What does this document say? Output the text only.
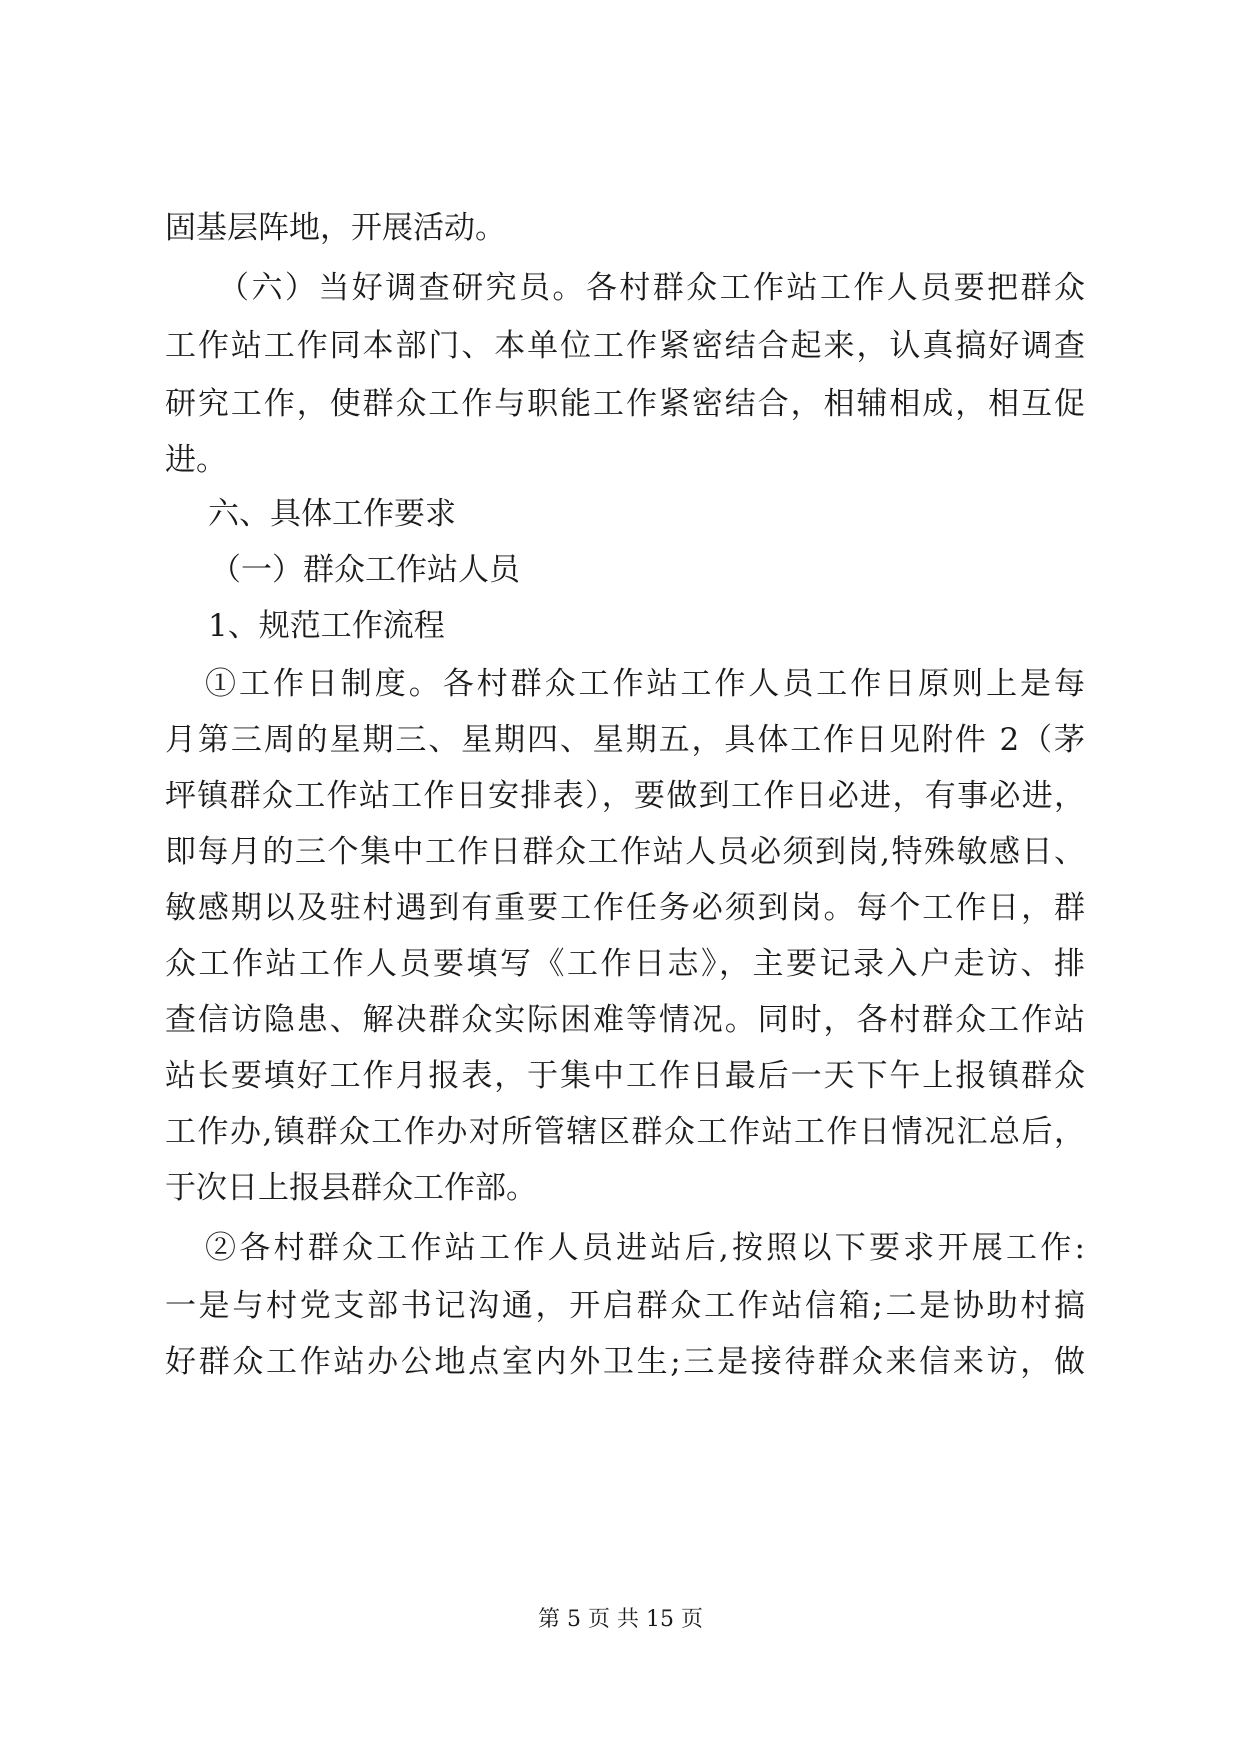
固基层阵地，开展活动。
（六）当好调查研究员。各村群众工作站工作人员要把群众
工作站工作同本部门、本单位工作紧密结合起来，认真搞好调查
研究工作，使群众工作与职能工作紧密结合，相辅相成，相互促
进。
六、具体工作要求
（一）群众工作站人员
1、规范工作流程
①工作日制度。各村群众工作站工作人员工作日原则上是每
月第三周的星期三、星期四、星期五，具体工作日见附件 2（茅
坪镇群众工作站工作日安排表），要做到工作日必进，有事必进，
即每月的三个集中工作日群众工作站人员必须到岗,特殊敏感日、
敏感期以及驻村遇到有重要工作任务必须到岗。每个工作日，群
众工作站工作人员要填写《工作日志》，主要记录入户走访、排
查信访隐患、解决群众实际困难等情况。同时，各村群众工作站
站长要填好工作月报表，于集中工作日最后一天下午上报镇群众
工作办,镇群众工作办对所管辖区群众工作站工作日情况汇总后，
于次日上报县群众工作部。
②各村群众工作站工作人员进站后,按照以下要求开展工作:
一是与村党支部书记沟通，开启群众工作站信箱;二是协助村搞
好群众工作站办公地点室内外卫生;三是接待群众来信来访，做
第 5 页 共 15 页
